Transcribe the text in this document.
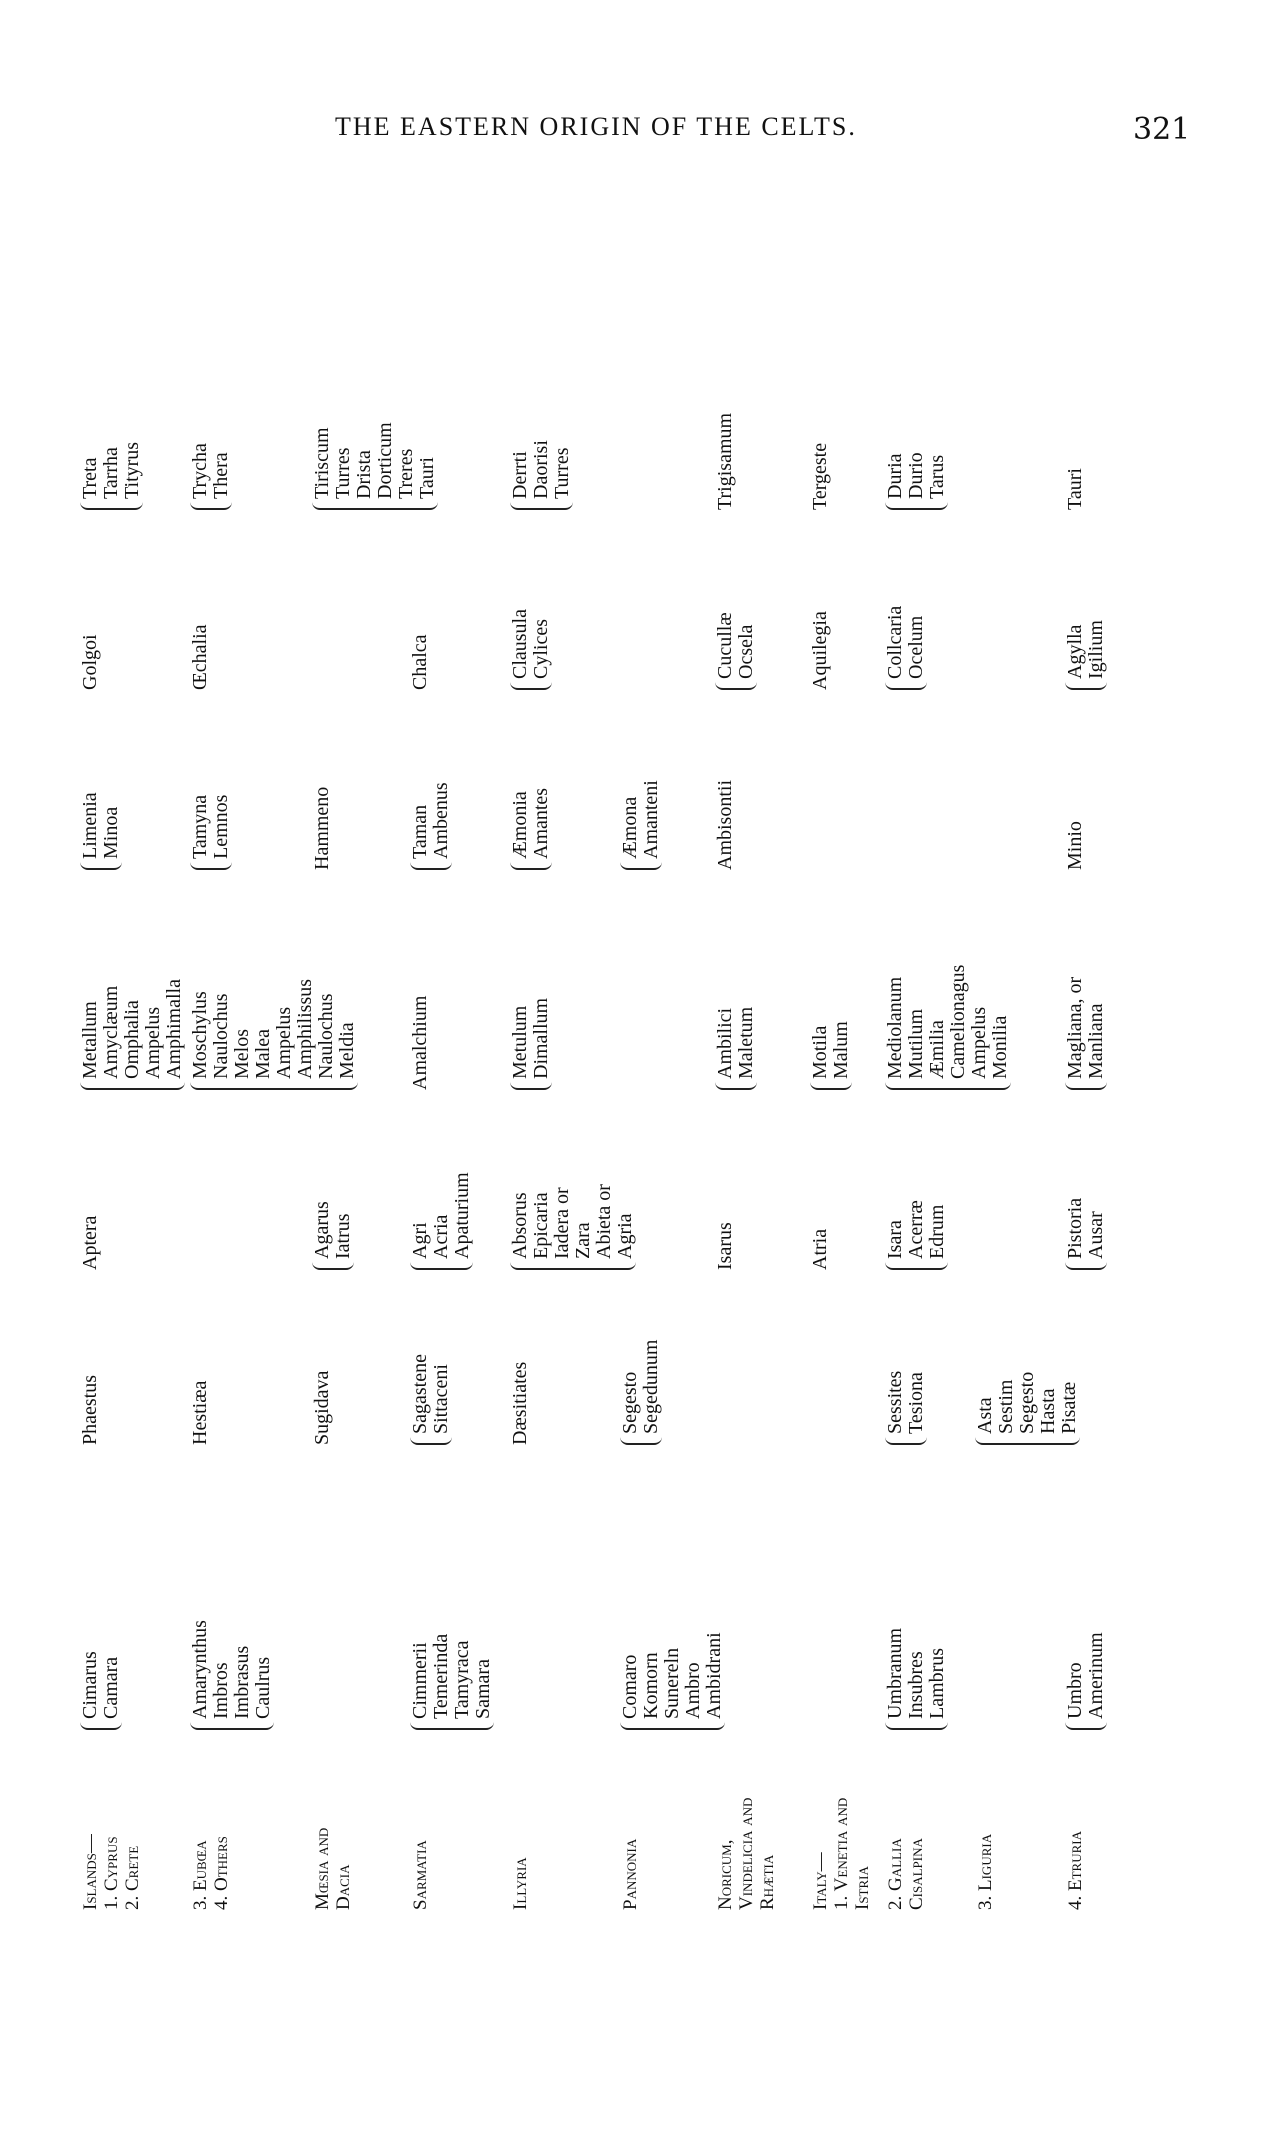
THE EASTERN ORIGIN OF THE CELTS.	321
Islands— 1. Cyprus 2. Crete
Cimarus Camara
Phaestus
Aptera
Metallum Amyclæum Omphalia Ampelus Amphimalla
Limenia Minoa
Golgoi
Treta Tarrha Tityrus
3. Eubœa 4. Others
Amarynthus Imbros Imbrasus Caulrus
Hestiæa
Moschylus Naulochus Melos Malea Ampelus Amphilissus Naulochus Meldia
Tamyna Lemnos
Œchalia
Trycha Thera
Mœsia and Dacia
Sugidava
Agarus Iatrus
Hammeno
Tiriscum Turres Drista Dorticum Treres Tauri
Sarmatia
Cimmerii Temerinda Tamyraca Samara
Sagastene Sittaceni
Agri Acria Apaturium
Amalchium
Taman Ambenus
Chalca
Illyria
Dæsitiates
Absorus Epicaria Iadera or Zara Abieta or Agria
Metulum Dimallum
Æmonia Amantes
Clausula Cylices
Derrti Daorisi Turres
Pannonia
Comaro Komorn Sunereln Ambro Ambidrani
Segesto Segedunum
Æmona Amanteni
Noricum, Vindelicia and Rhætia
Isarus
Ambilici Maletum
Ambisontii
Cucullæ Ocsela
Trigisamum
Italy— 1. Venetia and Istria
Atria
Motila Malum
Aquilegia
Tergeste
2. Gallia Cisalpina
Umbranum Insubres Lambrus
Sessites Tesiona
Isara Acerræ Edrum
Mediolanum Mutilum Æmilia Camelionagus Ampelus Monilia
Collcaria Ocelum
Duria Durio Tarus
3. Liguria
Asta Sestim Segesto Hasta Pisatæ
4. Etruria
Umbro Amerinum
Pistoria Ausar
Magliana, or Manliana
Minio
Agylla Igilium
Tauri
